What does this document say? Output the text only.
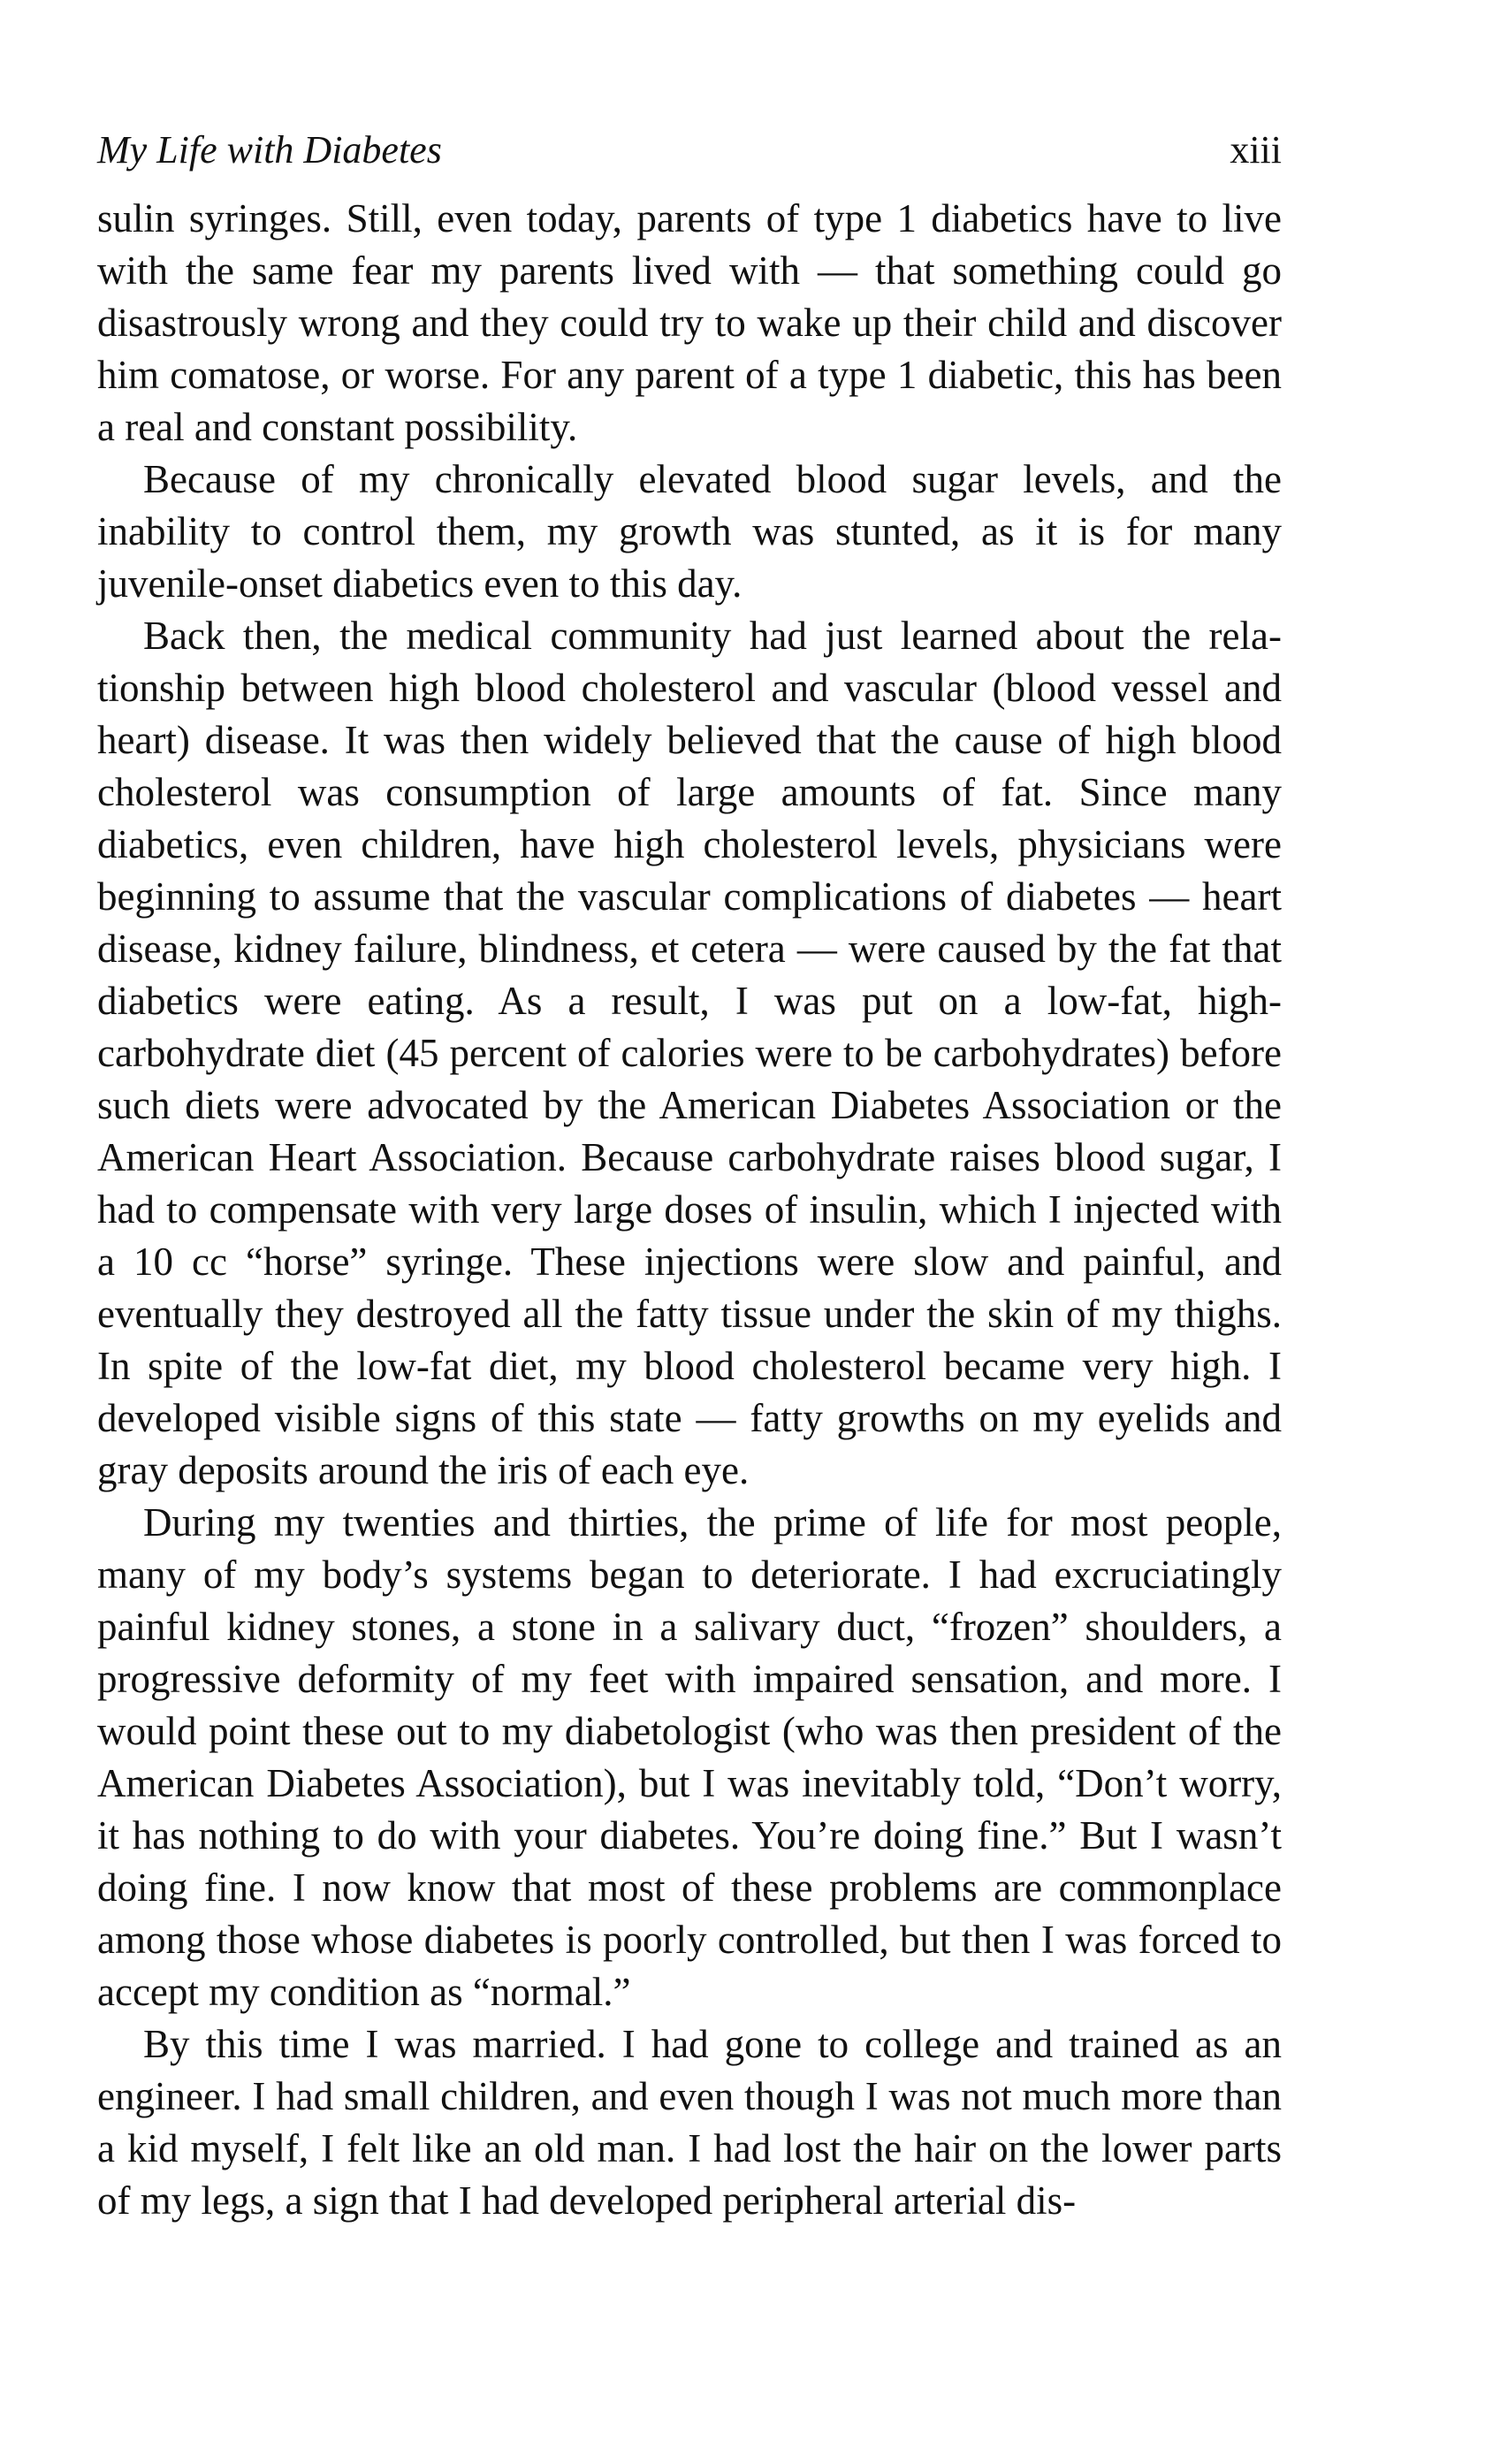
My Life with Diabetes	xiii

sulin syringes. Still, even today, parents of type 1 diabetics have to live with the same fear my parents lived with — that something could go disastrously wrong and they could try to wake up their child and discover him comatose, or worse. For any parent of a type 1 diabetic, this has been a real and constant possibility.

Because of my chronically elevated blood sugar levels, and the inability to control them, my growth was stunted, as it is for many juvenile-onset diabetics even to this day.

Back then, the medical community had just learned about the relationship between high blood cholesterol and vascular (blood vessel and heart) disease. It was then widely believed that the cause of high blood cholesterol was consumption of large amounts of fat. Since many diabetics, even children, have high cholesterol levels, physicians were beginning to assume that the vascular complications of diabetes — heart disease, kidney failure, blindness, et cetera — were caused by the fat that diabetics were eating. As a result, I was put on a low-fat, high-carbohydrate diet (45 percent of calories were to be carbohydrates) before such diets were advocated by the American Diabetes Association or the American Heart Association. Because carbohydrate raises blood sugar, I had to compensate with very large doses of insulin, which I injected with a 10 cc “horse” syringe. These injections were slow and painful, and eventually they destroyed all the fatty tissue under the skin of my thighs. In spite of the low-fat diet, my blood cholesterol became very high. I developed visible signs of this state — fatty growths on my eyelids and gray deposits around the iris of each eye.

During my twenties and thirties, the prime of life for most people, many of my body’s systems began to deteriorate. I had excruciatingly painful kidney stones, a stone in a salivary duct, “frozen” shoulders, a progressive deformity of my feet with impaired sensation, and more. I would point these out to my diabetologist (who was then president of the American Diabetes Association), but I was inevitably told, “Don’t worry, it has nothing to do with your diabetes. You’re doing fine.” But I wasn’t doing fine. I now know that most of these problems are commonplace among those whose diabetes is poorly controlled, but then I was forced to accept my condition as “normal.”

By this time I was married. I had gone to college and trained as an engineer. I had small children, and even though I was not much more than a kid myself, I felt like an old man. I had lost the hair on the lower parts of my legs, a sign that I had developed peripheral arterial dis-
